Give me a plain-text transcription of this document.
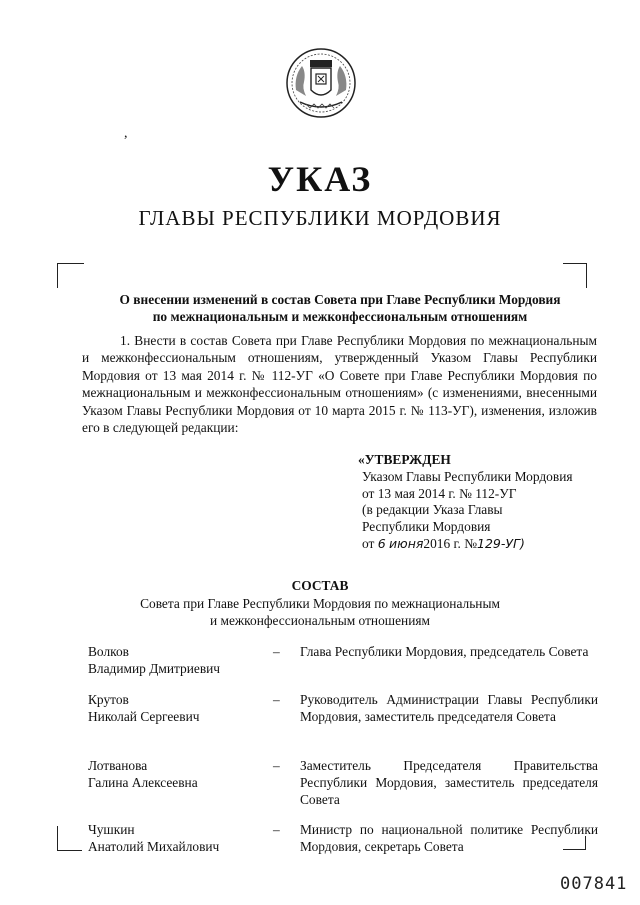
,
УКАЗ
ГЛАВЫ РЕСПУБЛИКИ МОРДОВИЯ
О внесении изменений в состав Совета при Главе Республики Мордовия
по межнациональным и межконфессиональным отношениям
1. Внести в состав Совета при Главе Республики Мордовия по межнациональным и межконфессиональным отношениям, утвержденный Указом Главы Республики Мордовия от 13 мая 2014 г. № 112-УГ «О Совете при Главе Республики Мордовия по межнациональным и межконфессиональным отношениям» (с изменениями, внесенными Указом Главы Республики Мордовия от 10 марта 2015 г. № 113-УГ), изменения, изложив его в следующей редакции:
«УТВЕРЖДЕН
Указом Главы Республики Мордовия
от 13 мая 2014 г. № 112-УГ
(в редакции Указа Главы
Республики Мордовия
от 6 июня2016 г. №129-УГ)
СОСТАВ
Совета при Главе Республики Мордовия по межнациональным
и межконфессиональным отношениям
Волков
Владимир Дмитриевич
– Глава Республики Мордовия, председатель Совета
Крутов
Николай Сергеевич
– Руководитель Администрации Главы Республики Мордовия, заместитель председателя Совета
Лотванова
Галина Алексеевна
– Заместитель Председателя Правительства Республики Мордовия, заместитель председателя Совета
Чушкин
Анатолий Михайлович
– Министр по национальной политике Республики Мордовия, секретарь Совета
007841
